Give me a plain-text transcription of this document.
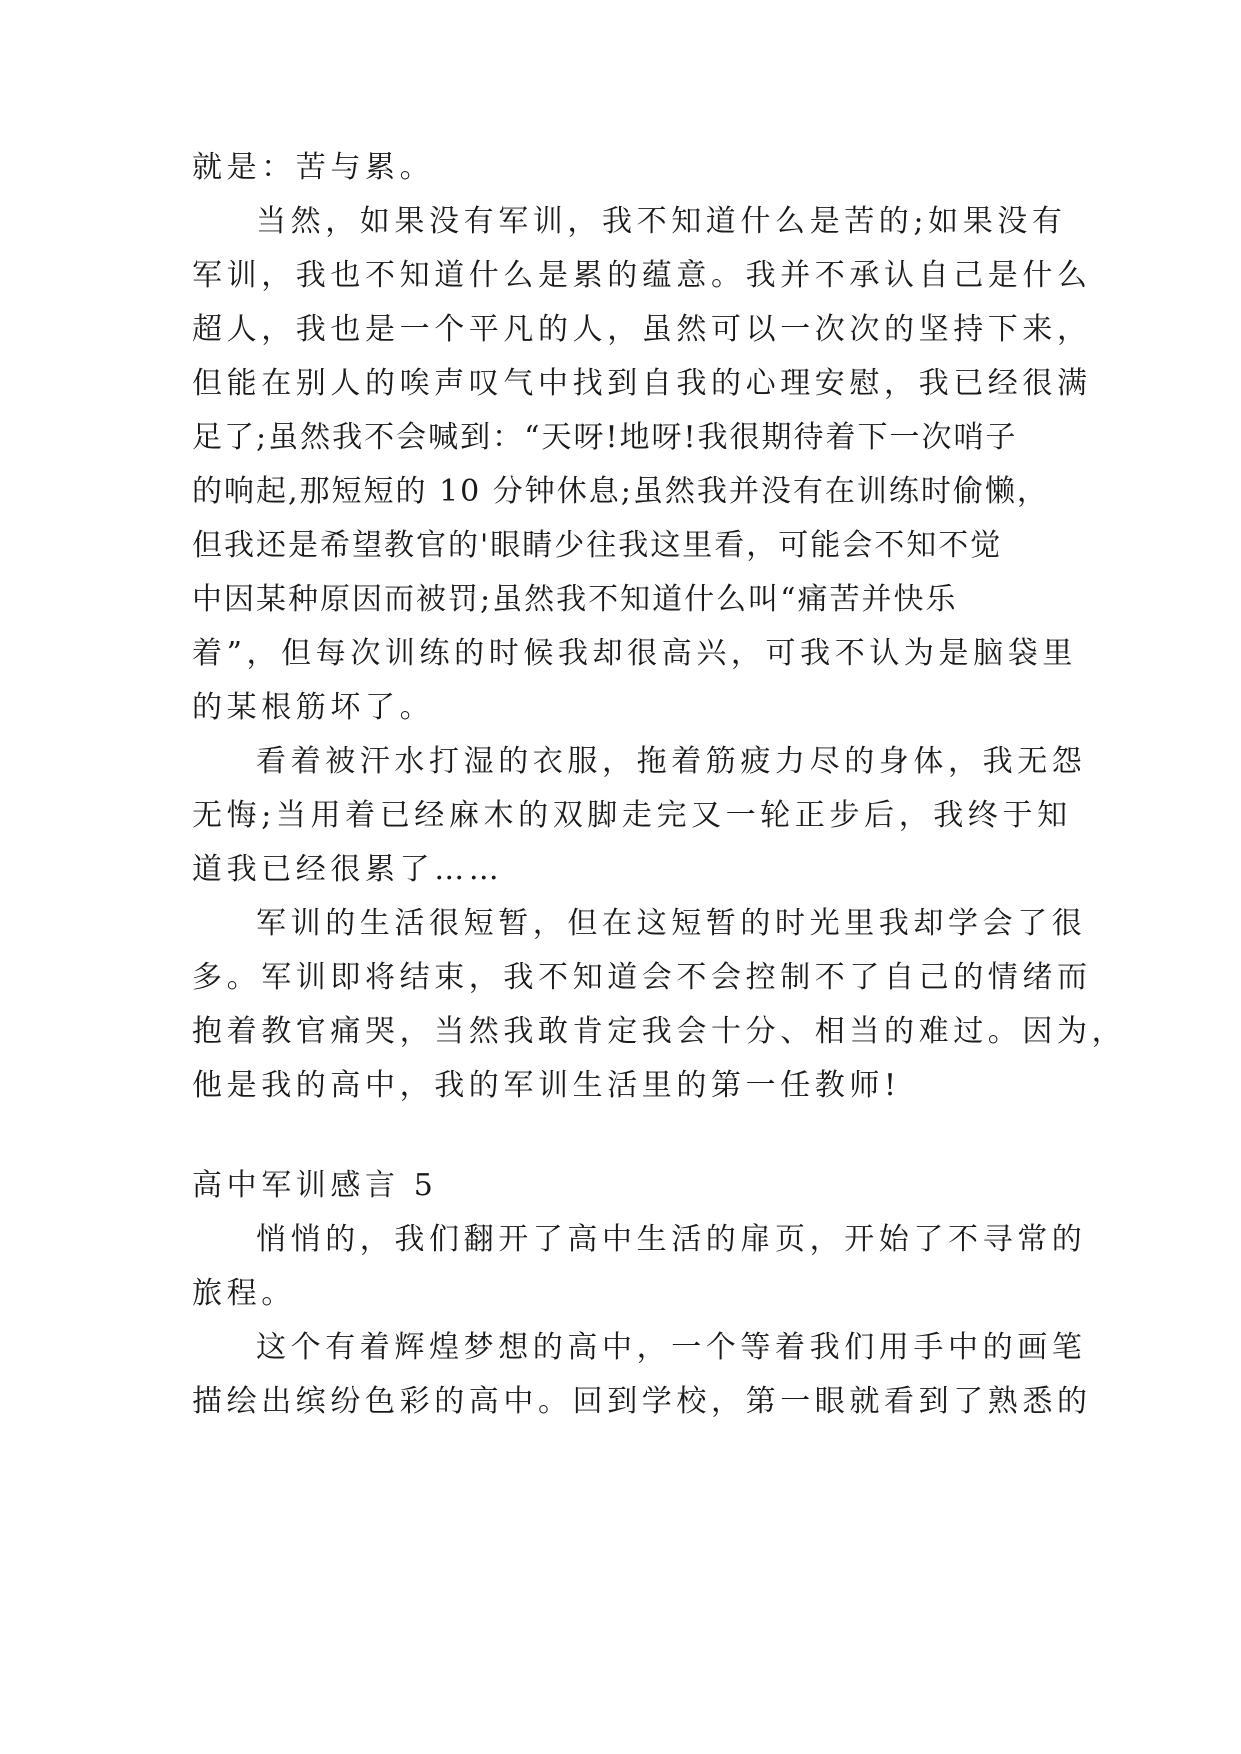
就是：苦与累。
当然，如果没有军训，我不知道什么是苦的;如果没有
军训，我也不知道什么是累的蕴意。我并不承认自己是什么
超人，我也是一个平凡的人，虽然可以一次次的坚持下来，
但能在别人的唉声叹气中找到自我的心理安慰，我已经很满
足了;虽然我不会喊到：“天呀!地呀!我很期待着下一次哨子
的响起,那短短的 10 分钟休息;虽然我并没有在训练时偷懒，
但我还是希望教官的'眼睛少往我这里看，可能会不知不觉
中因某种原因而被罚;虽然我不知道什么叫“痛苦并快乐
着”，但每次训练的时候我却很高兴，可我不认为是脑袋里
的某根筋坏了。
看着被汗水打湿的衣服，拖着筋疲力尽的身体，我无怨
无悔;当用着已经麻木的双脚走完又一轮正步后，我终于知
道我已经很累了……
军训的生活很短暂，但在这短暂的时光里我却学会了很
多。军训即将结束，我不知道会不会控制不了自己的情绪而
抱着教官痛哭，当然我敢肯定我会十分、相当的难过。因为，
他是我的高中，我的军训生活里的第一任教师!
高中军训感言 5
悄悄的，我们翻开了高中生活的扉页，开始了不寻常的
旅程。
这个有着辉煌梦想的高中，一个等着我们用手中的画笔
描绘出缤纷色彩的高中。回到学校，第一眼就看到了熟悉的
